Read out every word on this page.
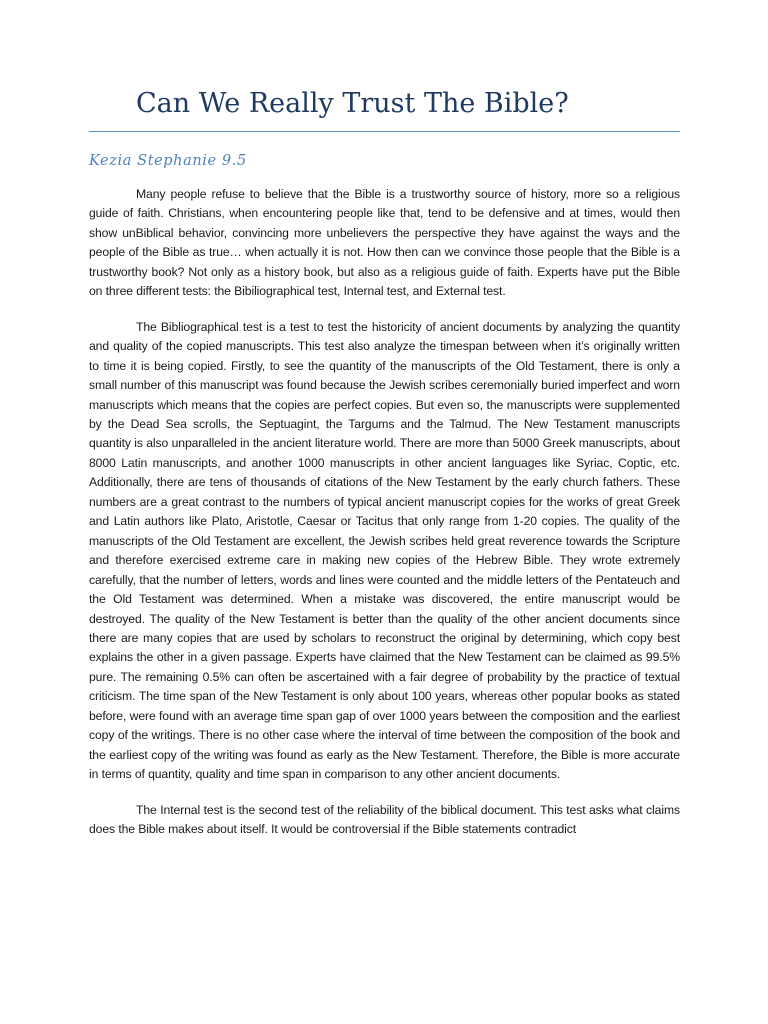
Can We Really Trust The Bible?

Kezia Stephanie 9.5

Many people refuse to believe that the Bible is a trustworthy source of history, more so a religious guide of faith. Christians, when encountering people like that, tend to be defensive and at times, would then show unBiblical behavior, convincing more unbelievers the perspective they have against the ways and the people of the Bible as true… when actually it is not. How then can we convince those people that the Bible is a trustworthy book? Not only as a history book, but also as a religious guide of faith. Experts have put the Bible on three different tests: the Bibiliographical test, Internal test, and External test.

The Bibliographical test is a test to test the historicity of ancient documents by analyzing the quantity and quality of the copied manuscripts. This test also analyze the timespan between when it’s originally written to time it is being copied. Firstly, to see the quantity of the manuscripts of the Old Testament, there is only a small number of this manuscript was found because the Jewish scribes ceremonially buried imperfect and worn manuscripts which means that the copies are perfect copies. But even so, the manuscripts were supplemented by the Dead Sea scrolls, the Septuagint, the Targums and the Talmud. The New Testament manuscripts quantity is also unparalleled in the ancient literature world. There are more than 5000 Greek manuscripts, about 8000 Latin manuscripts, and another 1000 manuscripts in other ancient languages like Syriac, Coptic, etc. Additionally, there are tens of thousands of citations of the New Testament by the early church fathers. These numbers are a great contrast to the numbers of typical ancient manuscript copies for the works of great Greek and Latin authors like Plato, Aristotle, Caesar or Tacitus that only range from 1-20 copies. The quality of the manuscripts of the Old Testament are excellent, the Jewish scribes held great reverence towards the Scripture and therefore exercised extreme care in making new copies of the Hebrew Bible. They wrote extremely carefully, that the number of letters, words and lines were counted and the middle letters of the Pentateuch and the Old Testament was determined. When a mistake was discovered, the entire manuscript would be destroyed. The quality of the New Testament is better than the quality of the other ancient documents since there are many copies that are used by scholars to reconstruct the original by determining, which copy best explains the other in a given passage. Experts have claimed that the New Testament can be claimed as 99.5% pure. The remaining 0.5% can often be ascertained with a fair degree of probability by the practice of textual criticism. The time span of the New Testament is only about 100 years, whereas other popular books as stated before, were found with an average time span gap of over 1000 years between the composition and the earliest copy of the writings. There is no other case where the interval of time between the composition of the book and the earliest copy of the writing was found as early as the New Testament. Therefore, the Bible is more accurate in terms of quantity, quality and time span in comparison to any other ancient documents.

The Internal test is the second test of the reliability of the biblical document. This test asks what claims does the Bible makes about itself. It would be controversial if the Bible statements contradict
